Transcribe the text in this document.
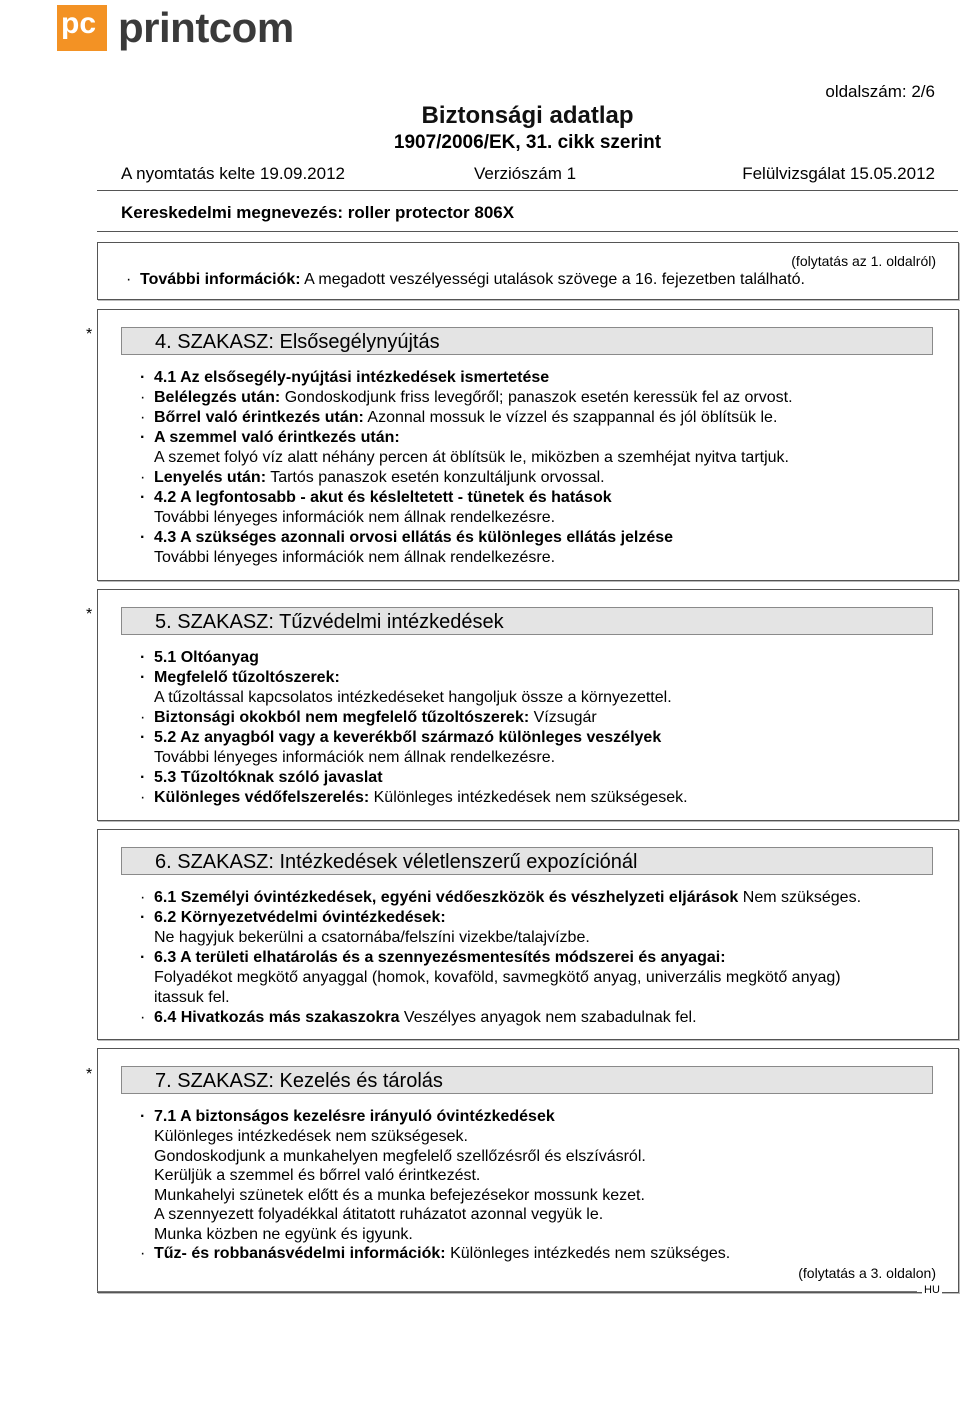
pc printcom
oldalszám: 2/6
Biztonsági adatlap
1907/2006/EK, 31. cikk szerint
A nyomtatás kelte 19.09.2012	Verziószám 1	Felülvizsgálat 15.05.2012
Kereskedelmi megnevezés: roller protector 806X
(folytatás az 1. oldalról)
· További információk: A megadott veszélyességi utalások szövege a 16. fejezetben található.
*	4. SZAKASZ: Elsősegélynyújtás
· 4.1 Az elsősegély-nyújtási intézkedések ismertetése
· Belélegzés után: Gondoskodjunk friss levegőről; panaszok esetén keressük fel az orvost.
· Bőrrel való érintkezés után: Azonnal mossuk le vízzel és szappannal és jól öblítsük le.
· A szemmel való érintkezés után:
A szemet folyó víz alatt néhány percen át öblítsük le, miközben a szemhéjat nyitva tartjuk.
· Lenyelés után: Tartós panaszok esetén konzultáljunk orvossal.
· 4.2 A legfontosabb - akut és késleltetett - tünetek és hatások
További lényeges információk nem állnak rendelkezésre.
· 4.3 A szükséges azonnali orvosi ellátás és különleges ellátás jelzése
További lényeges információk nem állnak rendelkezésre.
*	5. SZAKASZ: Tűzvédelmi intézkedések
· 5.1 Oltóanyag
· Megfelelő tűzoltószerek:
A tűzoltással kapcsolatos intézkedéseket hangoljuk össze a környezettel.
· Biztonsági okokból nem megfelelő tűzoltószerek: Vízsugár
· 5.2 Az anyagból vagy a keverékből származó különleges veszélyek
További lényeges információk nem állnak rendelkezésre.
· 5.3 Tűzoltóknak szóló javaslat
· Különleges védőfelszerelés: Különleges intézkedések nem szükségesek.
6. SZAKASZ: Intézkedések véletlenszerű expozíciónál
· 6.1 Személyi óvintézkedések, egyéni védőeszközök és vészhelyzeti eljárások Nem szükséges.
· 6.2 Környezetvédelmi óvintézkedések:
Ne hagyjuk bekerülni a csatornába/felszíni vizekbe/talajvízbe.
· 6.3 A területi elhatárolás és a szennyezésmentesítés módszerei és anyagai:
Folyadékot megkötő anyaggal (homok, kovaföld, savmegkötő anyag, univerzális megkötő anyag)
itassuk fel.
· 6.4 Hivatkozás más szakaszokra Veszélyes anyagok nem szabadulnak fel.
*	7. SZAKASZ: Kezelés és tárolás
· 7.1 A biztonságos kezelésre irányuló óvintézkedések
Különleges intézkedések nem szükségesek.
Gondoskodjunk a munkahelyen megfelelő szellőzésről és elszívásról.
Kerüljük a szemmel és bőrrel való érintkezést.
Munkahelyi szünetek előtt és a munka befejezésekor mossunk kezet.
A szennyezett folyadékkal átitatott ruházatot azonnal vegyük le.
Munka közben ne együnk és igyunk.
· Tűz- és robbanásvédelmi információk: Különleges intézkedés nem szükséges.
(folytatás a 3. oldalon)
HU
